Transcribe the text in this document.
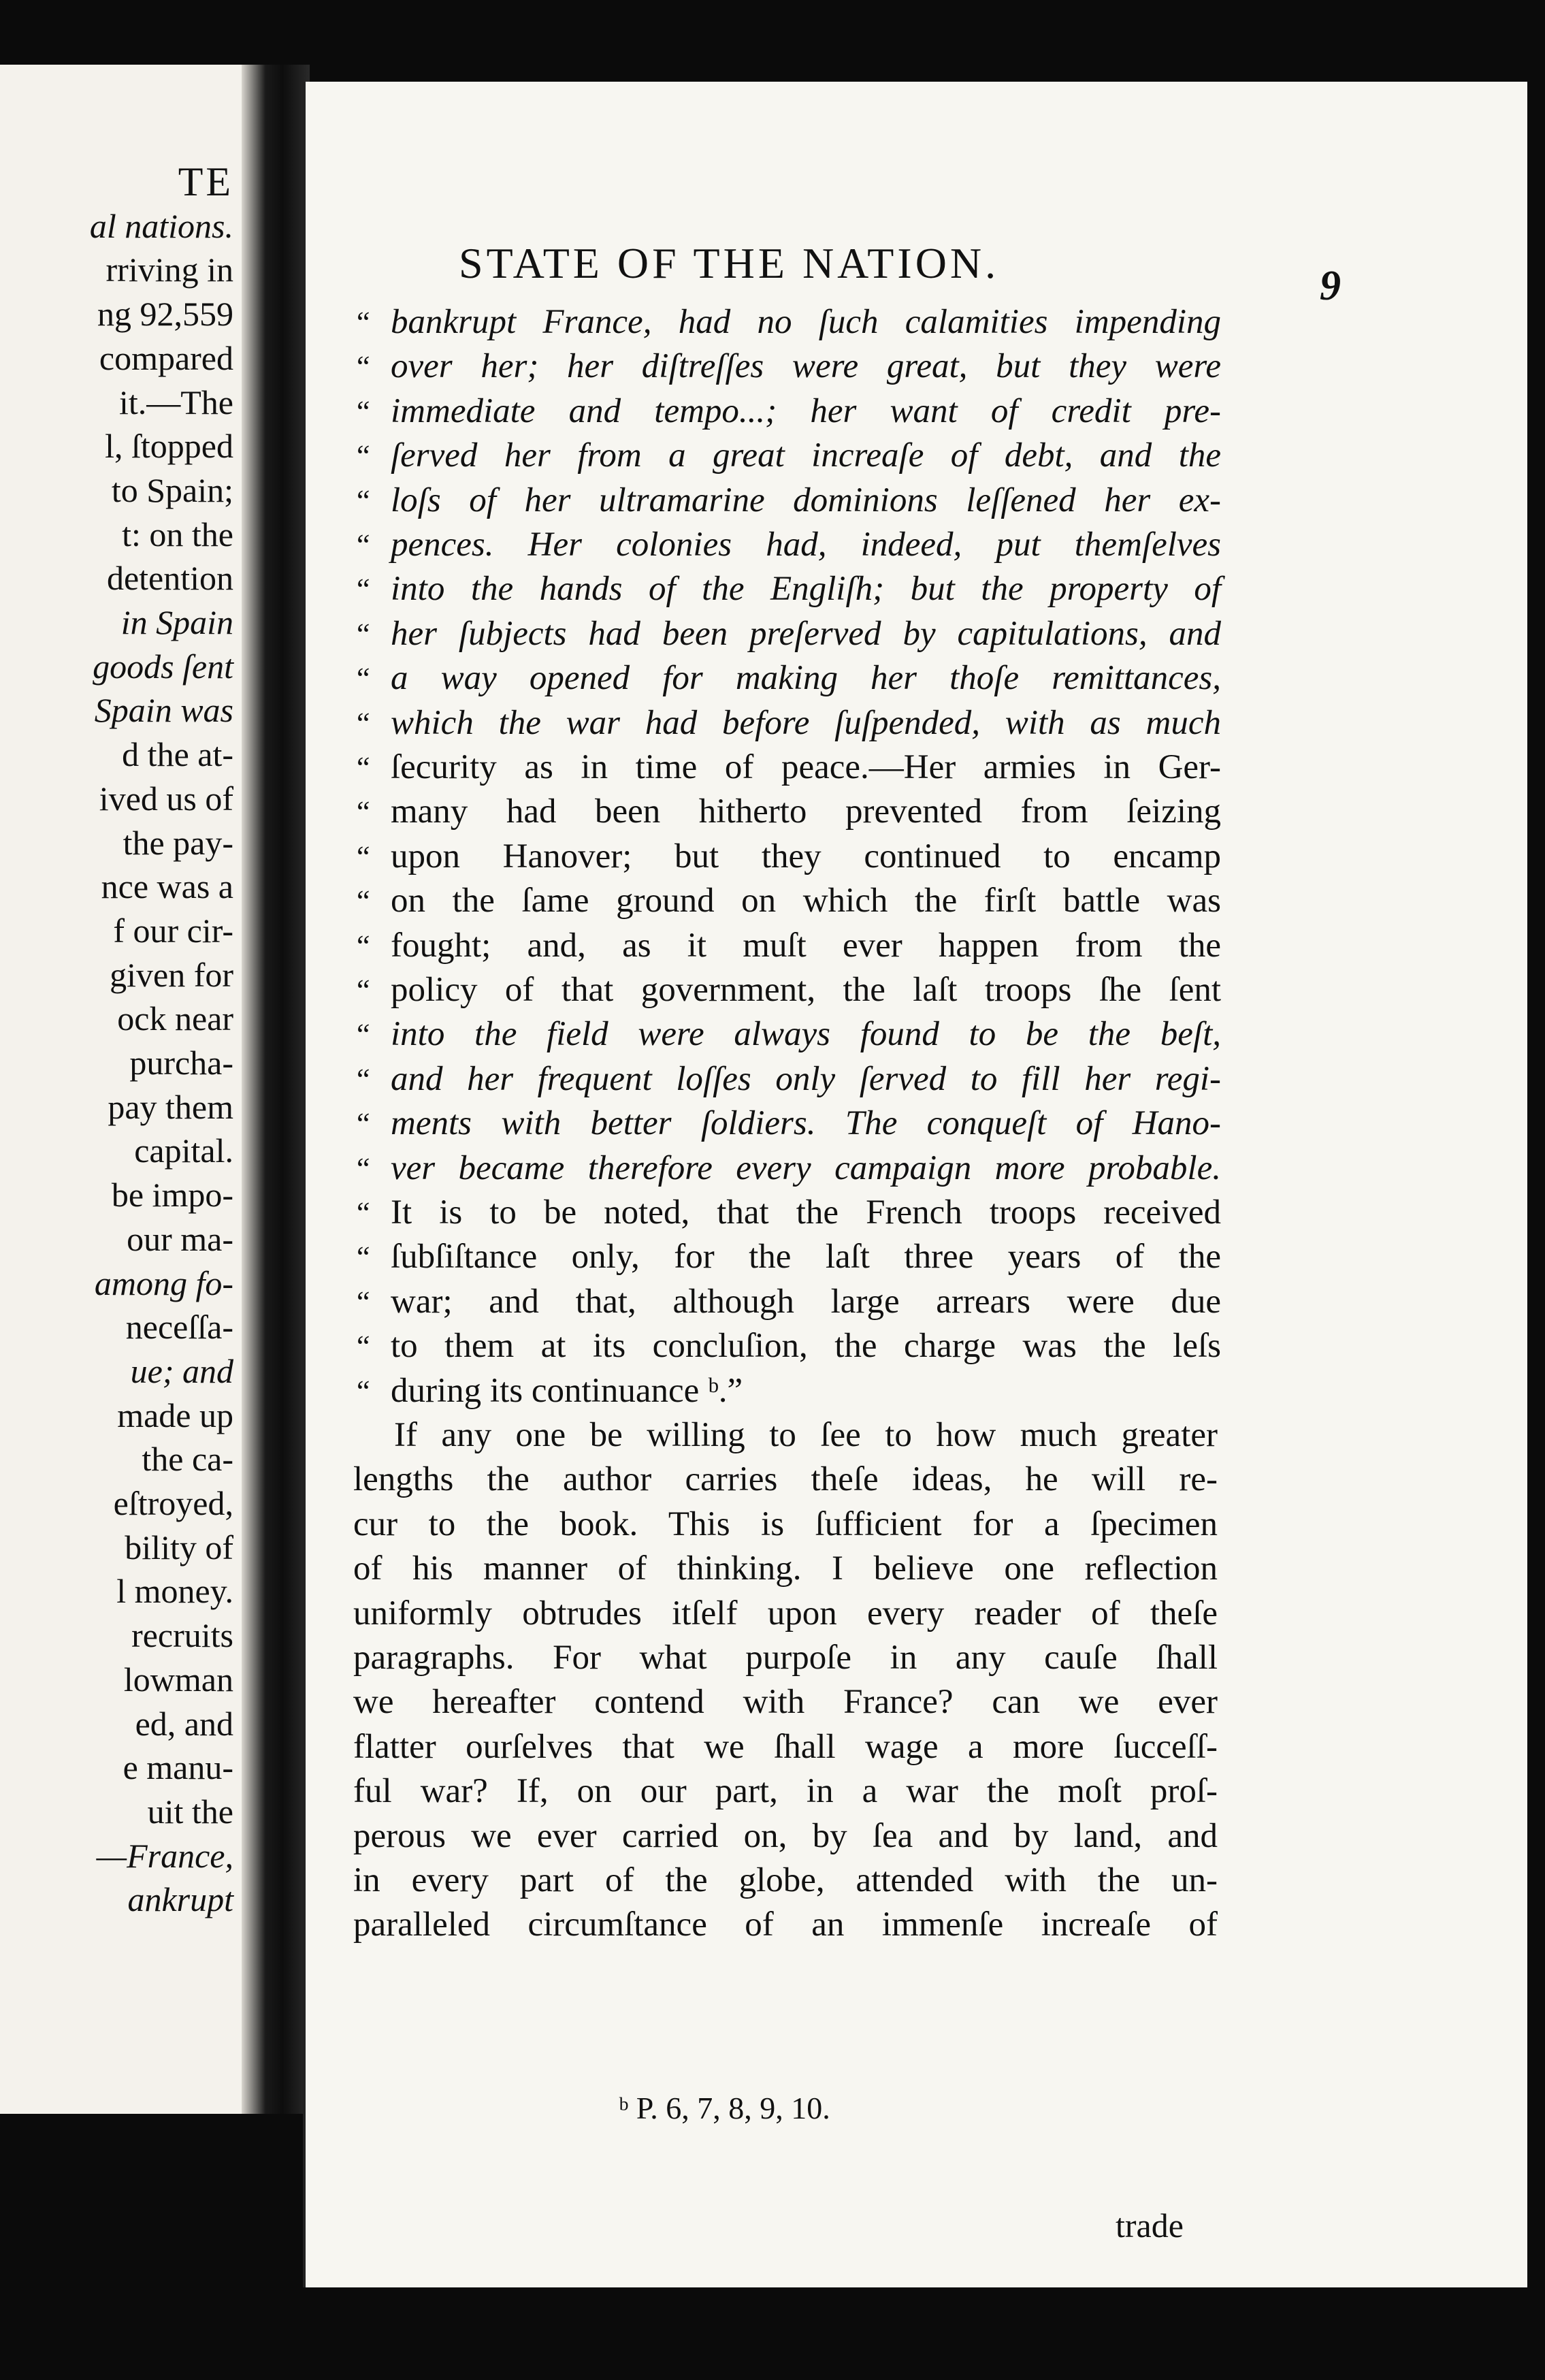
TE
al nations.
rriving in
ng 92,559
compared
it.—The
l, ſtopped
to Spain;
t: on the
detention
in Spain
goods ſent
Spain was
d the at-
ived us of
the pay-
nce was a
f our cir-
given for
ock near
purcha-
pay them
capital.
be impo-
our ma-
among fo-
neceſſa-
ue; and
made up
the ca-
eſtroyed,
bility of
l money.
recruits
lowman
ed, and
e manu-
uit the
—France,
ankrupt
STATE OF THE NATION.	9
“ bankrupt France, had no ſuch calamities impending
“ over her; her diſtreſſes were great, but they were
“ immediate and tempo...; her want of credit pre-
“ ſerved her from a great increaſe of debt, and the
“ loſs of her ultramarine dominions leſſened her ex-
“ pences. Her colonies had, indeed, put themſelves
“ into the hands of the Engliſh; but the property of
“ her ſubjects had been preſerved by capitulations, and
“ a way opened for making her thoſe remittances,
“ which the war had before ſuſpended, with as much
“ ſecurity as in time of peace.—Her armies in Ger-
“ many had been hitherto prevented from ſeizing
“ upon Hanover; but they continued to encamp
“ on the ſame ground on which the firſt battle was
“ fought; and, as it muſt ever happen from the
“ policy of that government, the laſt troops ſhe ſent
“ into the field were always found to be the beſt,
“ and her frequent loſſes only ſerved to fill her regi-
“ ments with better ſoldiers. The conqueſt of Hano-
“ ver became therefore every campaign more probable.
“ It is to be noted, that the French troops received
“ ſubſiſtance only, for the laſt three years of the
“ war; and that, although large arrears were due
“ to them at its concluſion, the charge was the leſs
“ during its continuance ᵇ.”
If any one be willing to ſee to how much greater
lengths the author carries theſe ideas, he will re-
cur to the book. This is ſufficient for a ſpecimen
of his manner of thinking. I believe one reflection
uniformly obtrudes itſelf upon every reader of theſe
paragraphs. For what purpoſe in any cauſe ſhall
we hereafter contend with France? can we ever
flatter ourſelves that we ſhall wage a more ſucceſſ-
ful war? If, on our part, in a war the moſt proſ-
perous we ever carried on, by ſea and by land, and
in every part of the globe, attended with the un-
paralleled circumſtance of an immenſe increaſe of
ᵇ P. 6, 7, 8, 9, 10.
trade
